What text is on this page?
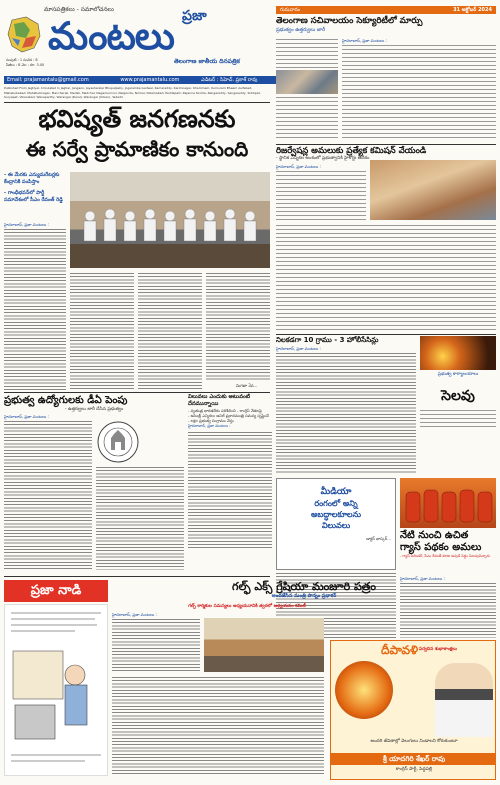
మాసపత్రికలు - సమాలోచనలు	ప్రజా
మంటలు
తెలంగాణ జాతీయ దినపత్రిక
సంపుటి : 1 సంచిక : 8 పేజీలు : 8 వెల : రూ. 3.00
Email: prajamantalu@gmail.com	www.prajamantalu.com	ఎడిటర్ : సిహెచ్. ప్రకాశ్ రావు
Published From Jagtiyal, Circulated In Jagtial, Jangaon, Jayashankar Bhupalpally, Jogulamba Gadwal, Kamareddy, Karimnagar, Khammam, Kumuram Bheem Asifabad, Mahabubabad, Mahabubnagar, Mancherial, Medak, Medchal, Nagarkurnool, Nalgonda, Nirmal, Nizamabad, Peddapalli, Rajanna Sircilla, Rangareddy, Sangareddy, Siddipet, Suryapet, Vikarabad, Wanaparthy, Warangal (Rural), Warangal (Urban), Yadadri
గురువారం	31 అక్టోబర్ 2024
తెలంగాణ సచివాలయం సెక్యూరిటీలో మార్పు
ప్రభుత్వం ఉత్తర్వులు జారీ
హైదరాబాద్, ప్రజా మంటలు :
రిజర్వేషన్ల అమలుకు ప్రత్యేక కమిషన్ వేయండి
- స్థానిక ఎన్నికల అంశంలో ప్రభుత్వానికి హైకోర్టు ఆదేశం
హైదరాబాద్, ప్రజా మంటలు :
నిలకడగా 10 గ్రాము - 3 హోలీసేసిన్లు
హైదరాబాద్, ప్రజా మంటలు :
ప్రభుత్వ కార్యాలయాలు
సెలవు
భవిష్యత్ జనగణనకు
ఈ సర్వే ప్రామాణికం కానుంది
- ఈ మేరకు ఎన్యుమరేటర్లకు
కేంద్రానికి పంపిస్తాం
- గాంధీభవన్‌లో పార్టీ
సమావేశంలో సీఎం రేవంత్ రెడ్డి
హైదరాబాద్, ప్రజా మంటలు :
మిగతా 3వ...
ప్రభుత్వ ఉద్యోగులకు డీఏ పెంపు
- ఉత్తర్వులు జారీ చేసిన ప్రభుత్వం
హైదరాబాద్, ప్రజా మంటలు :
విలువలు ఎందుకు అటువంటి దేనమున్నాయి
- స్వతంత్ర భారతదేశం పరిశీలించి - కాంగ్రెస్ నేతలపై
- అసెంబ్లీ ఎన్నికలు అనిల్ ప్రధానమంత్రి సమస్య సృష్టించే
- లక్షల ప్రభుత్వ సంగ్రామం వేస్తు
హైదరాబాద్, ప్రజా మంటలు :
మీడియా
రంగంలో అన్ని
అబద్ధాలకూలను
విలువలు
డాక్టర్ భాస్కర్... నేటి నుంచి ఉచిత
గ్యాస్ పథకం అమలు
- గ్యాస్ సిలిండర్, సీఎం రేవంత్ కూడా అపుడే సిద్ధం పిలుపునిచ్చారు
హైదరాబాద్, ప్రజా మంటలు :
ప్రజా నాడి	గల్ఫ్ ఎక్స్ గ్రేషియా మంజూరి పత్రం
అందజేసిన మంత్రి పొన్నం ప్రభాకర్
గల్ఫ్ కార్మికుల సమస్యలు అధ్యయనానికి త్వరలో అధ్యయనం కమిటీ
హైదరాబాద్, ప్రజా మంటలు :
దీపావళి పర్వదిన శుభాకాంక్షలు
అందరి జీవితాల్లో వెలుగులు నిండాలని కోరుకుంటూ
శ్రీ యాదగిరి శేఖర్ రావు
కాంగ్రెస్ పార్టీ, పెద్దపల్లి
